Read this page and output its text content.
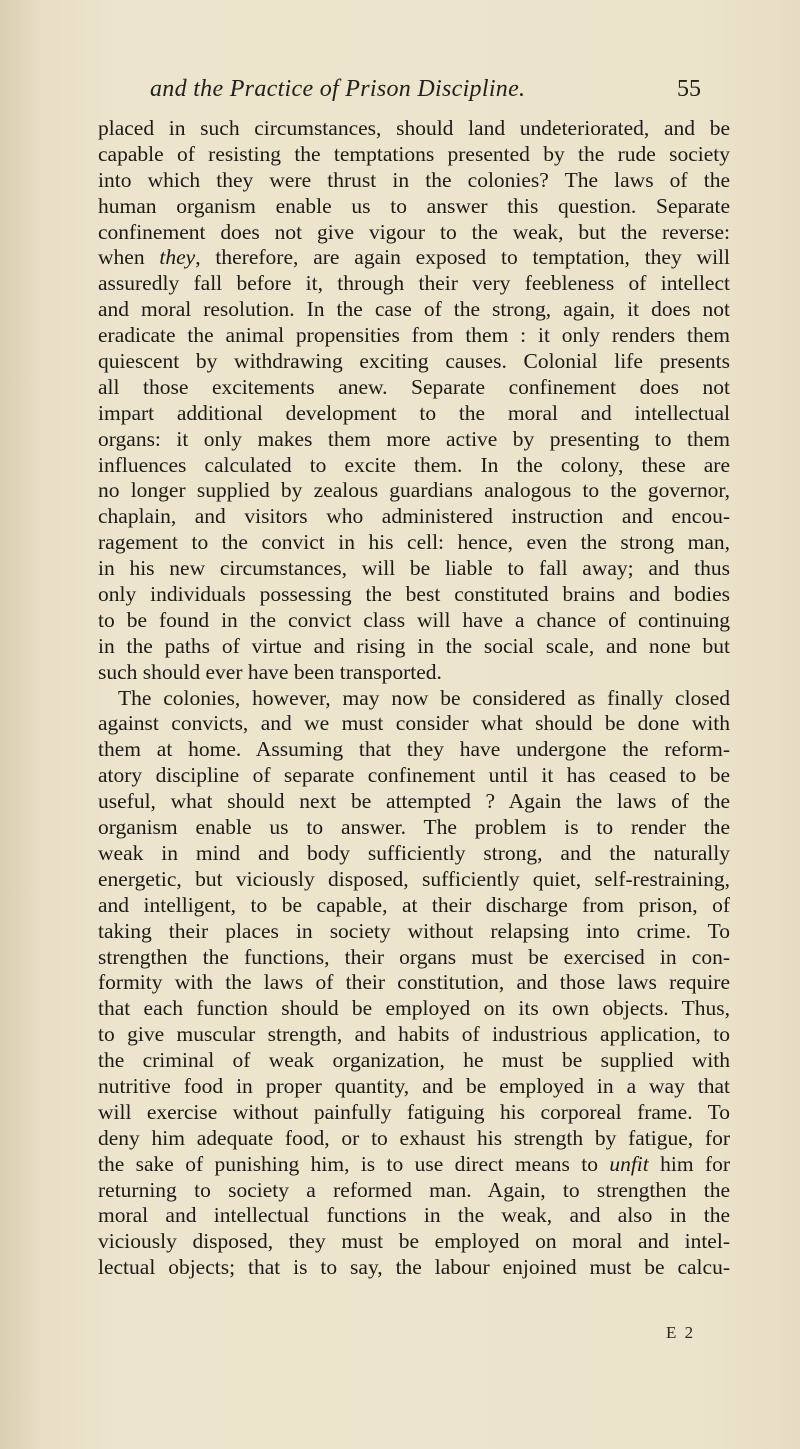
and the Practice of Prison Discipline.	55
placed in such circumstances, should land undeteriorated, and be
capable of resisting the temptations presented by the rude society
into which they were thrust in the colonies? The laws of the
human organism enable us to answer this question. Separate
confinement does not give vigour to the weak, but the reverse:
when they, therefore, are again exposed to temptation, they will
assuredly fall before it, through their very feebleness of intellect
and moral resolution. In the case of the strong, again, it does not
eradicate the animal propensities from them : it only renders them
quiescent by withdrawing exciting causes. Colonial life presents
all those excitements anew. Separate confinement does not
impart additional development to the moral and intellectual
organs: it only makes them more active by presenting to them
influences calculated to excite them. In the colony, these are
no longer supplied by zealous guardians analogous to the governor,
chaplain, and visitors who administered instruction and encou-
ragement to the convict in his cell: hence, even the strong man,
in his new circumstances, will be liable to fall away; and thus
only individuals possessing the best constituted brains and bodies
to be found in the convict class will have a chance of continuing
in the paths of virtue and rising in the social scale, and none but
such should ever have been transported.
The colonies, however, may now be considered as finally closed
against convicts, and we must consider what should be done with
them at home. Assuming that they have undergone the reform-
atory discipline of separate confinement until it has ceased to be
useful, what should next be attempted ? Again the laws of the
organism enable us to answer. The problem is to render the
weak in mind and body sufficiently strong, and the naturally
energetic, but viciously disposed, sufficiently quiet, self-restraining,
and intelligent, to be capable, at their discharge from prison, of
taking their places in society without relapsing into crime. To
strengthen the functions, their organs must be exercised in con-
formity with the laws of their constitution, and those laws require
that each function should be employed on its own objects. Thus,
to give muscular strength, and habits of industrious application, to
the criminal of weak organization, he must be supplied with
nutritive food in proper quantity, and be employed in a way that
will exercise without painfully fatiguing his corporeal frame. To
deny him adequate food, or to exhaust his strength by fatigue, for
the sake of punishing him, is to use direct means to unfit him for
returning to society a reformed man. Again, to strengthen the
moral and intellectual functions in the weak, and also in the
viciously disposed, they must be employed on moral and intel-
lectual objects; that is to say, the labour enjoined must be calcu-
E 2
